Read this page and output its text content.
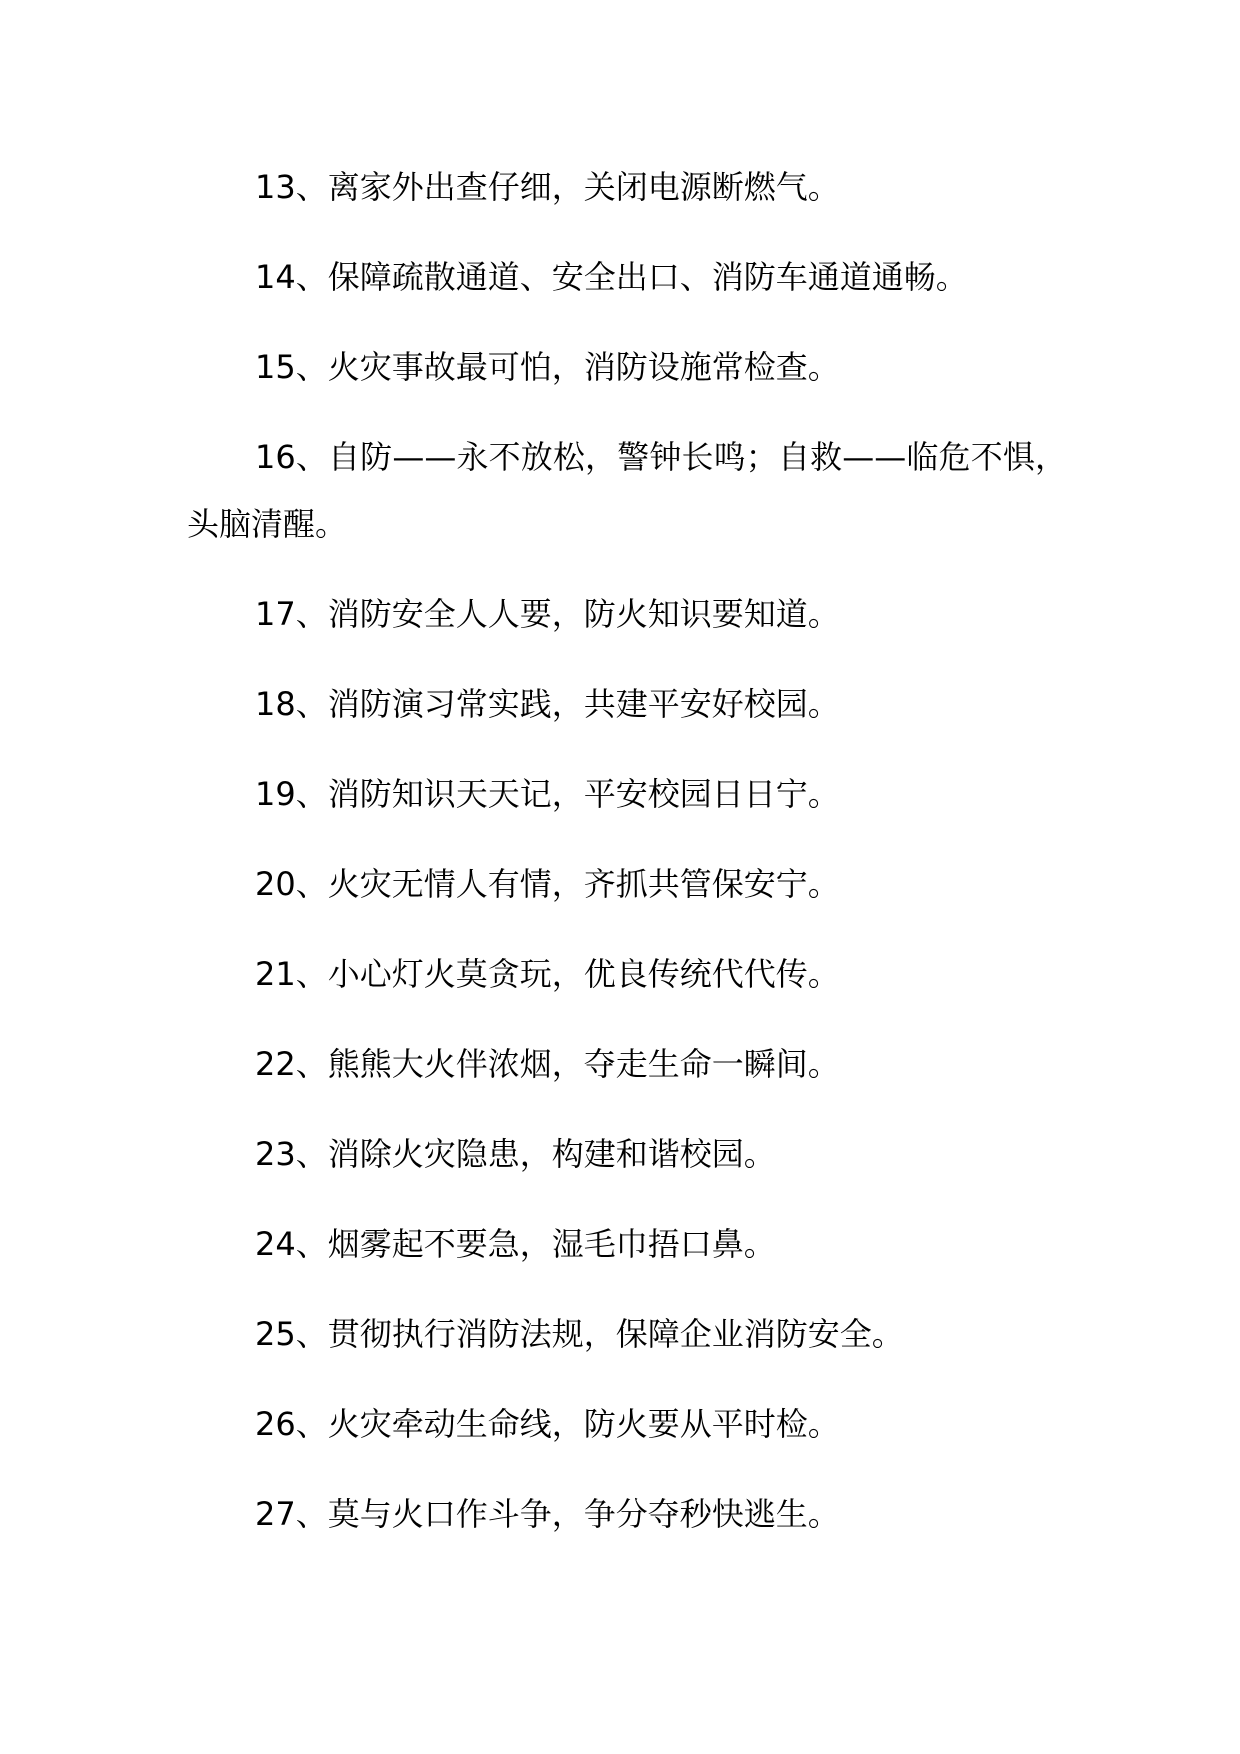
13、离家外出查仔细，关闭电源断燃气。

14、保障疏散通道、安全出口、消防车通道通畅。

15、火灾事故最可怕，消防设施常检查。

16、自防——永不放松，警钟长鸣；自救——临危不惧，头脑清醒。

17、消防安全人人要，防火知识要知道。

18、消防演习常实践，共建平安好校园。

19、消防知识天天记，平安校园日日宁。

20、火灾无情人有情，齐抓共管保安宁。

21、小心灯火莫贪玩，优良传统代代传。

22、熊熊大火伴浓烟，夺走生命一瞬间。

23、消除火灾隐患，构建和谐校园。

24、烟雾起不要急，湿毛巾捂口鼻。

25、贯彻执行消防法规，保障企业消防安全。

26、火灾牵动生命线，防火要从平时检。

27、莫与火口作斗争，争分夺秒快逃生。
